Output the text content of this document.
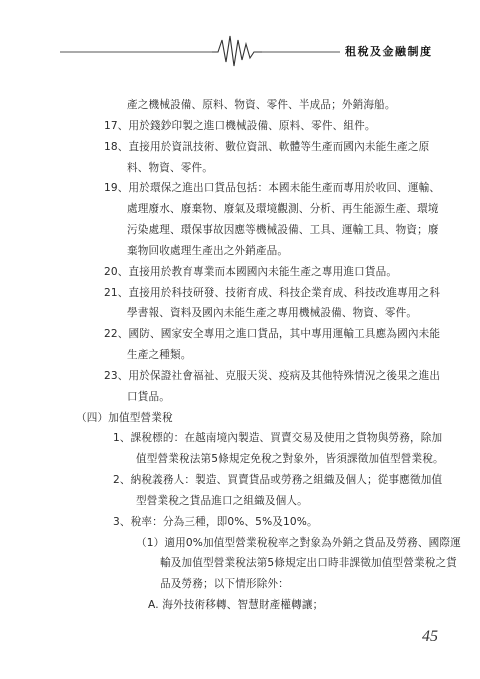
租稅及金融制度
產之機械設備、原料、物資、零件、半成品；外銷海船。
17、用於錢鈔印製之進口機械設備、原料、零件、組件。
18、直接用於資訊技術、數位資訊、軟體等生產而國內未能生產之原
料、物資、零件。
19、用於環保之進出口貨品包括：本國未能生產而專用於收回、運輸、
處理廢水、廢棄物、廢氣及環境觀測、分析、再生能源生產、環境
污染處理、環保事故因應等機械設備、工具、運輸工具、物資；廢
棄物回收處理生產出之外銷產品。
20、直接用於教育專業而本國國內未能生產之專用進口貨品。
21、直接用於科技研發、技術育成、科技企業育成、科技改進專用之科
學書報、資料及國內未能生產之專用機械設備、物資、零件。
22、國防、國家安全專用之進口貨品，其中專用運輸工具應為國內未能
生產之種類。
23、用於保證社會福祉、克服天災、疫病及其他特殊情況之後果之進出
口貨品。
（四）加值型營業稅
1、課稅標的：在越南境內製造、買賣交易及使用之貨物與勞務，除加
值型營業稅法第5條規定免稅之對象外，皆須課徵加值型營業稅。
2、納稅義務人：製造、買賣貨品或勞務之組織及個人；從事應徵加值
型營業稅之貨品進口之組織及個人。
3、稅率：分為三種，即0%、5%及10%。
（1）適用0%加值型營業稅稅率之對象為外銷之貨品及勞務、國際運
輸及加值型營業稅法第5條規定出口時非課徵加值型營業稅之貨
品及勞務；以下情形除外：
A. 海外技術移轉、智慧財產權轉讓；
45
